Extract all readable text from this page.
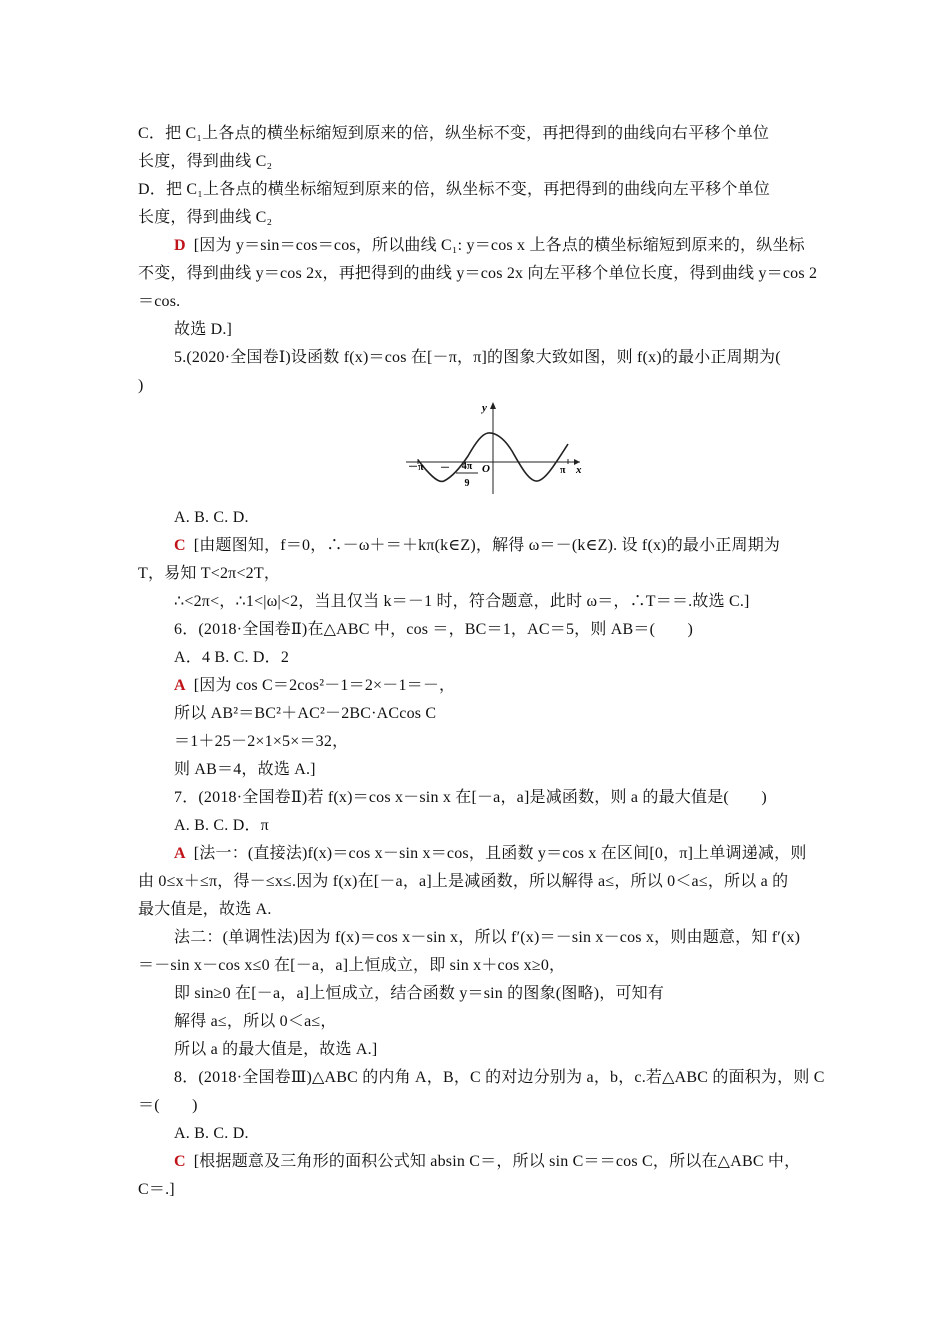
C．把 C₁上各点的横坐标缩短到原来的倍，纵坐标不变，再把得到的曲线向右平移个单位
长度，得到曲线 C₂
D．把 C₁上各点的横坐标缩短到原来的倍，纵坐标不变，再把得到的曲线向左平移个单位
长度，得到曲线 C₂
D [因为 y＝sin＝cos＝cos，所以曲线 C₁: y＝cos x 上各点的横坐标缩短到原来的，纵坐标
不变，得到曲线 y＝cos 2x，再把得到的曲线 y＝cos 2x 向左平移个单位长度，得到曲线 y＝cos 2
＝cos.
故选 D.]
5.(2020·全国卷Ⅰ)设函数 f(x)＝cos 在[－π，π]的图象大致如图，则 f(x)的最小正周期为(
)
y
x
O
－π	π
－ 4π
9
A. B. C. D.
C [由题图知，f＝0，∴－ω＋＝＋kπ(k∈Z)，解得 ω＝－(k∈Z). 设 f(x)的最小正周期为
T，易知 T<2π<2T，
∴<2π<，∴1<|ω|<2，当且仅当 k＝－1 时，符合题意，此时 ω＝，∴T＝＝.故选 C.]
6．(2018·全国卷Ⅱ)在△ABC 中，cos ＝，BC＝1，AC＝5，则 AB＝(　　)
A．4 B. C. D．2
A [因为 cos C＝2cos²－1＝2×－1＝－，
所以 AB²＝BC²＋AC²－2BC·ACcos C
＝1＋25－2×1×5×＝32，
则 AB＝4，故选 A.]
7．(2018·全国卷Ⅱ)若 f(x)＝cos x－sin x 在[－a，a]是减函数，则 a 的最大值是(　　)
A. B. C. D．π
A [法一：(直接法)f(x)＝cos x－sin x＝cos，且函数 y＝cos x 在区间[0，π]上单调递减，则
由 0≤x＋≤π，得－≤x≤.因为 f(x)在[－a，a]上是减函数，所以解得 a≤，所以 0＜a≤，所以 a 的
最大值是，故选 A.
法二：(单调性法)因为 f(x)＝cos x－sin x，所以 f′(x)＝－sin x－cos x，则由题意，知 f′(x)
＝－sin x－cos x≤0 在[－a，a]上恒成立，即 sin x＋cos x≥0，
即 sin≥0 在[－a，a]上恒成立，结合函数 y＝sin 的图象(图略)，可知有
解得 a≤，所以 0＜a≤，
所以 a 的最大值是，故选 A.]
8．(2018·全国卷Ⅲ)△ABC 的内角 A，B，C 的对边分别为 a，b，c.若△ABC 的面积为，则 C
＝(　　)
A. B. C. D.
C [根据题意及三角形的面积公式知 absin C＝，所以 sin C＝＝cos C，所以在△ABC 中，
C＝.]
